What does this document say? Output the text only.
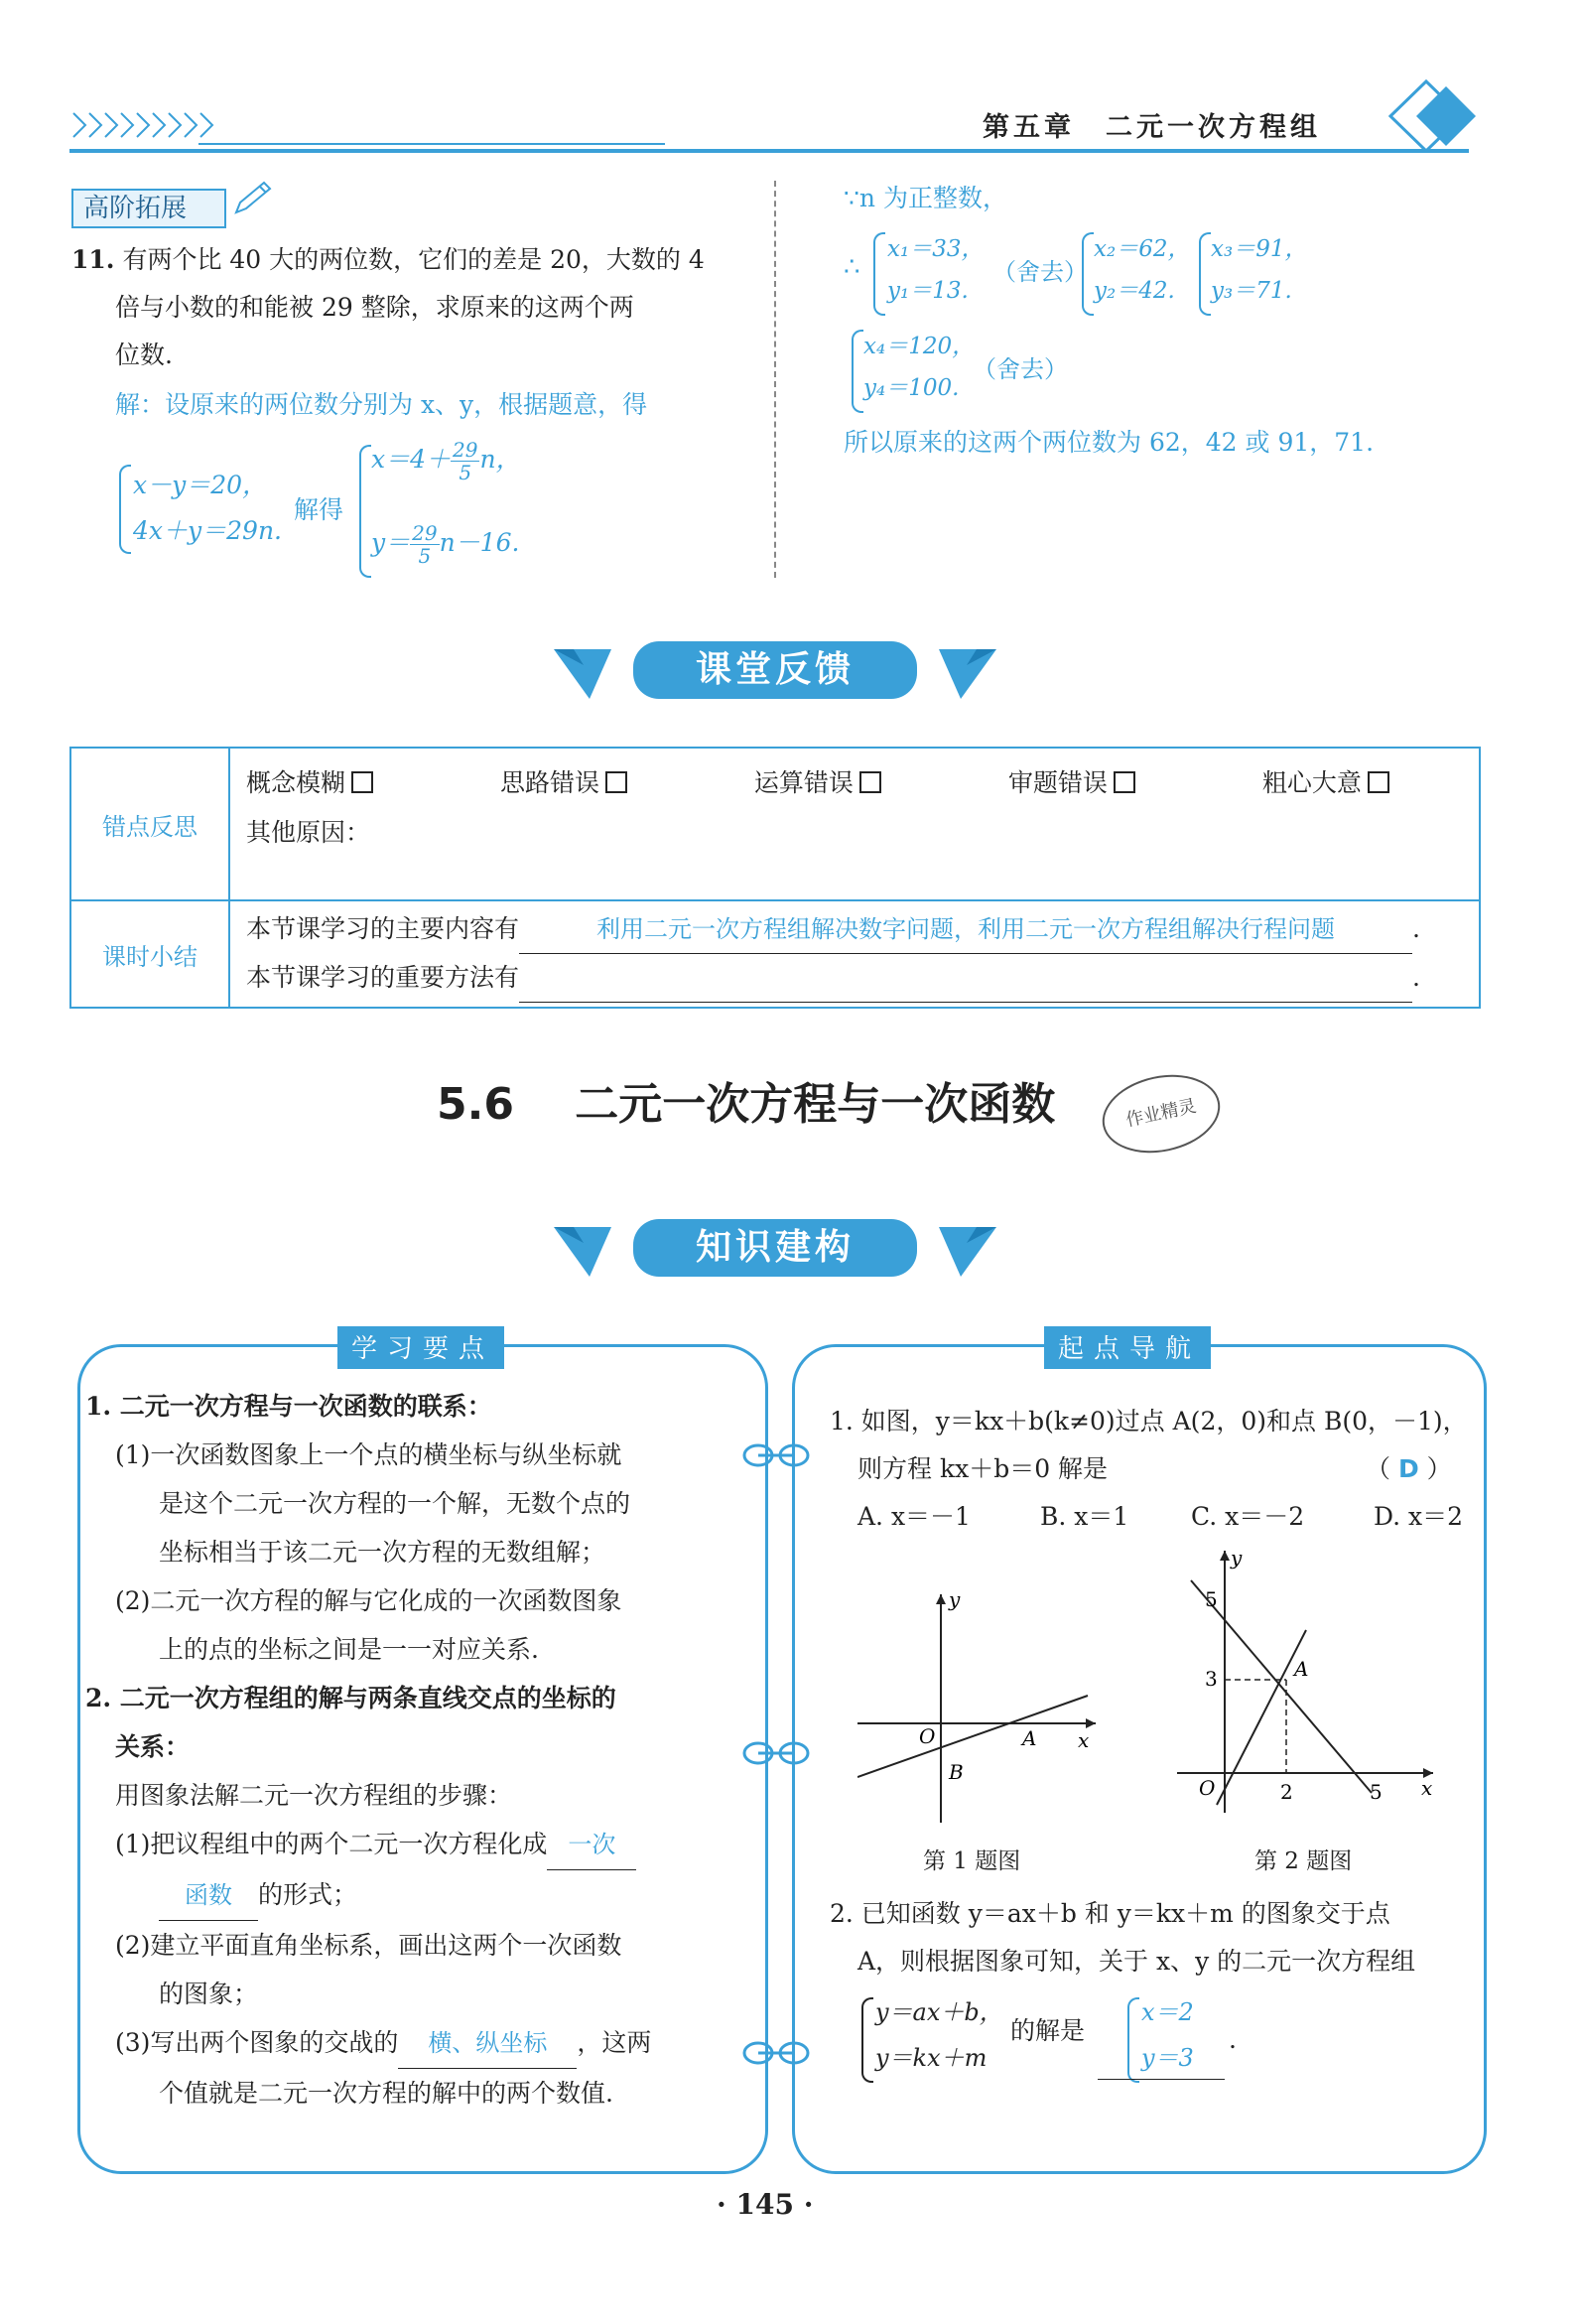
第五章　二元一次方程组
高阶拓展
11. 有两个比 40 大的两位数，它们的差是 20，大数的 4
倍与小数的和能被 29 整除，求原来的这两个两
位数.
解：设原来的两位数分别为 x、y，根据题意，得
x－y＝20，
4x＋y＝29n.
解得
$x=4+ \frac{29}{5}$ n，
$y= \frac{29}{5} n-16$.
∵n 为正整数，
∴
x₁＝33，
y₁＝13.
（舍去）
x₂＝62，
y₂＝42.
x₃＝91，
y₃＝71.
x₄＝120，
y₄＝100.
（舍去）
所以原来的这两个两位数为 62，42 或 91，71.
课堂反馈
错点反思	概念模糊 思路错误 运算错误 审题错误 粗心大意
其他原因：

课时小结	本节课学习的主要内容有 利用二元一次方程组解决数字问题，利用二元一次方程组解决行程问题 .
本节课学习的重要方法有 .
5.6 二元一次方程与一次函数	作业精灵
知识建构
学习要点
1. 二元一次方程与一次函数的联系：
(1)一次函数图象上一个点的横坐标与纵坐标就
是这个二元一次方程的一个解，无数个点的
坐标相当于该二元一次方程的无数组解；
(2)二元一次方程的解与它化成的一次函数图象
上的点的坐标之间是一一对应关系.
2. 二元一次方程组的解与两条直线交点的坐标的
关系：
用图象法解二元一次方程组的步骤：
(1)把议程组中的两个二元一次方程化成 一次
函数 的形式；
(2)建立平面直角坐标系，画出这两个一次函数
的图象；
(3)写出两个图象的交战的 横、纵坐标 ，这两
个值就是二元一次方程的解中的两个数值.
起点导航
1. 如图，y＝kx＋b(k≠0)过点 A(2，0)和点 B(0，－1)，
则方程 kx＋b＝0 解是	（ D ）
A. x＝－1	B. x＝1	C. x＝－2	D. x＝2
y
x
O	A
B
第 1 题图
y
x
O
A
5
3
2	5
第 2 题图
2. 已知函数 y＝ax＋b 和 y＝kx＋m 的图象交于点
A，则根据图象可知，关于 x、y 的二元一次方程组
y＝ax＋b，
y＝kx＋m
的解是
x＝2
y＝3
.
· 145 ·
